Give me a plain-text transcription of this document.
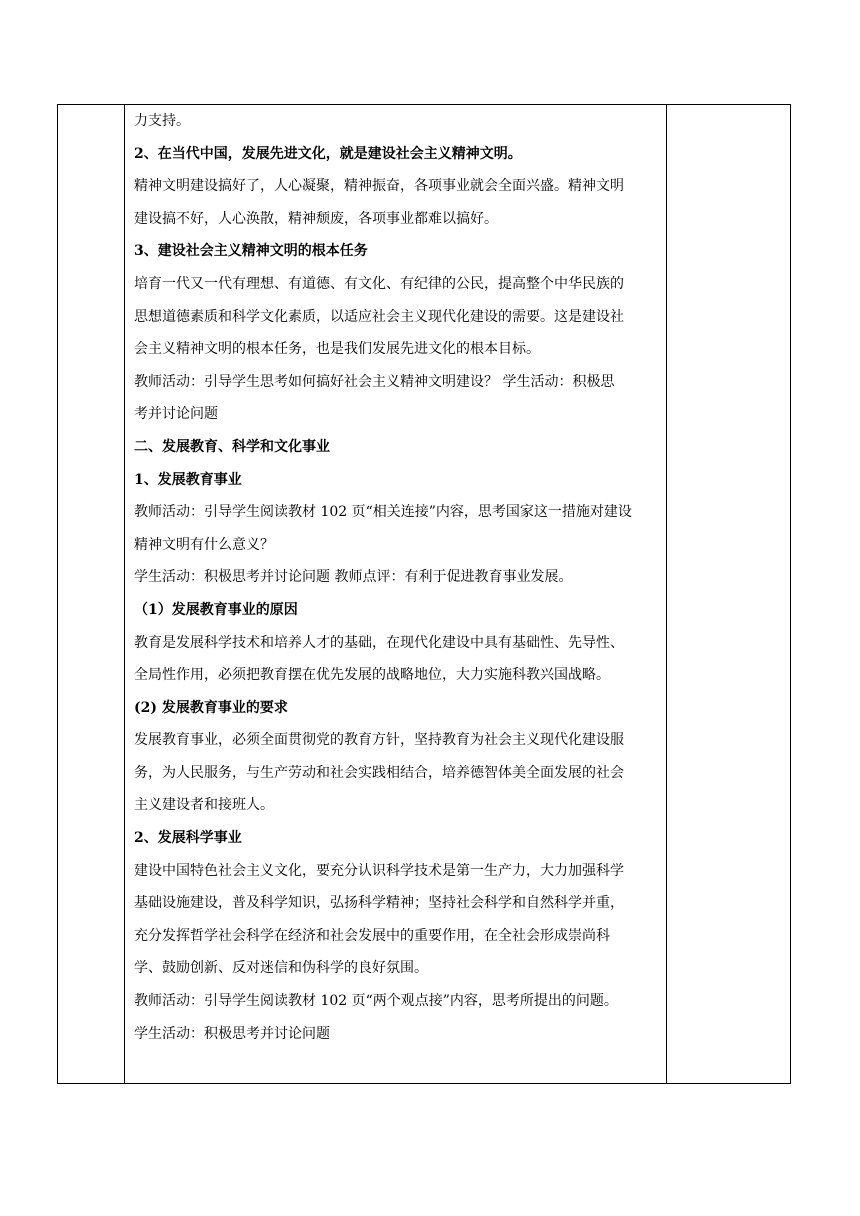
力支持。
2、在当代中国，发展先进文化，就是建设社会主义精神文明。
精神文明建设搞好了，人心凝聚，精神振奋，各项事业就会全面兴盛。精神文明
建设搞不好，人心涣散，精神颓废，各项事业都难以搞好。
3、建设社会主义精神文明的根本任务
培育一代又一代有理想、有道德、有文化、有纪律的公民，提高整个中华民族的
思想道德素质和科学文化素质，以适应社会主义现代化建设的需要。这是建设社
会主义精神文明的根本任务，也是我们发展先进文化的根本目标。
教师活动：引导学生思考如何搞好社会主义精神文明建设？ 学生活动：积极思
考并讨论问题
二、发展教育、科学和文化事业
1、发展教育事业
教师活动：引导学生阅读教材 102 页“相关连接”内容，思考国家这一措施对建设
精神文明有什么意义？
学生活动：积极思考并讨论问题 教师点评：有利于促进教育事业发展。
（1）发展教育事业的原因
教育是发展科学技术和培养人才的基础，在现代化建设中具有基础性、先导性、
全局性作用，必须把教育摆在优先发展的战略地位，大力实施科教兴国战略。
(2) 发展教育事业的要求
发展教育事业，必须全面贯彻党的教育方针，坚持教育为社会主义现代化建设服
务，为人民服务，与生产劳动和社会实践相结合，培养德智体美全面发展的社会
主义建设者和接班人。
2、发展科学事业
建设中国特色社会主义文化，要充分认识科学技术是第一生产力，大力加强科学
基础设施建设，普及科学知识，弘扬科学精神；坚持社会科学和自然科学并重，
充分发挥哲学社会科学在经济和社会发展中的重要作用，在全社会形成崇尚科
学、鼓励创新、反对迷信和伪科学的良好氛围。
教师活动：引导学生阅读教材 102 页“两个观点接”内容，思考所提出的问题。
学生活动：积极思考并讨论问题
